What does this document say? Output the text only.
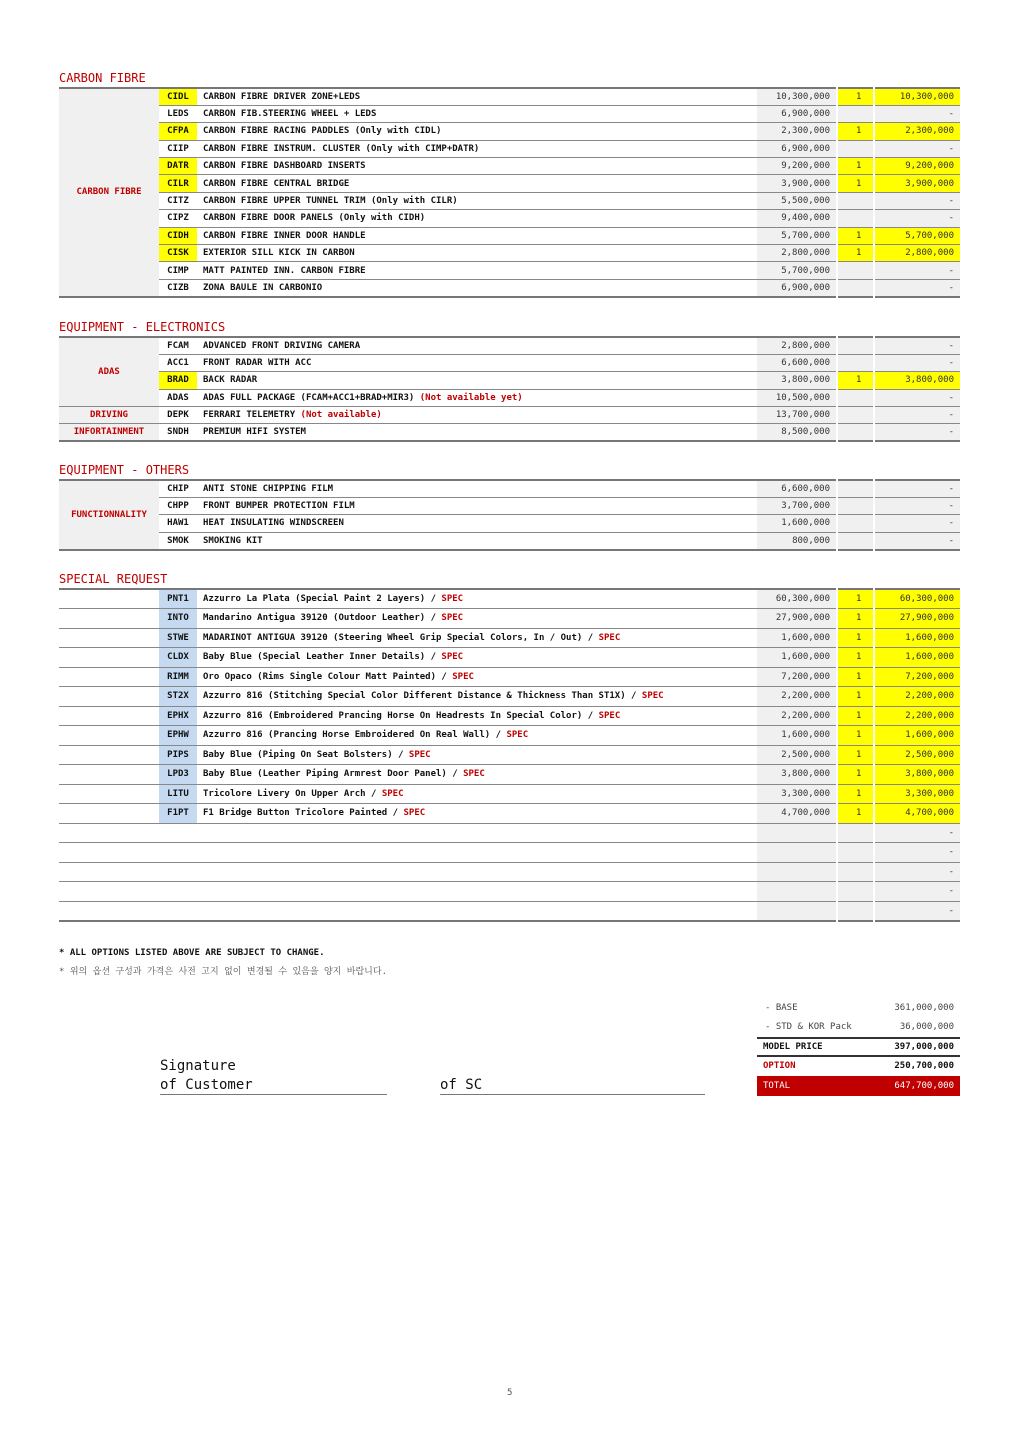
CARBON FIBRE
CARBON FIBRE	CIDL	CARBON FIBRE DRIVER ZONE+LEDS	10,300,000	1	10,300,000
	LEDS	CARBON FIB.STEERING WHEEL + LEDS	6,900,000		-
	CFPA	CARBON FIBRE RACING PADDLES (Only with CIDL)	2,300,000	1	2,300,000
	CIIP	CARBON FIBRE INSTRUM. CLUSTER (Only with CIMP+DATR)	6,900,000		-
	DATR	CARBON FIBRE DASHBOARD INSERTS	9,200,000	1	9,200,000
	CILR	CARBON FIBRE CENTRAL BRIDGE	3,900,000	1	3,900,000
	CITZ	CARBON FIBRE UPPER TUNNEL TRIM (Only with CILR)	5,500,000		-
	CIPZ	CARBON FIBRE DOOR PANELS (Only with CIDH)	9,400,000		-
	CIDH	CARBON FIBRE INNER DOOR HANDLE	5,700,000	1	5,700,000
	CISK	EXTERIOR SILL KICK IN CARBON	2,800,000	1	2,800,000
	CIMP	MATT PAINTED INN. CARBON FIBRE	5,700,000		-
	CIZB	ZONA BAULE IN CARBONIO	6,900,000		-
EQUIPMENT - ELECTRONICS
ADAS	FCAM	ADVANCED FRONT DRIVING CAMERA	2,800,000		-
	ACC1	FRONT RADAR WITH ACC	6,600,000		-
	BRAD	BACK RADAR	3,800,000	1	3,800,000
	ADAS	ADAS FULL PACKAGE (FCAM+ACC1+BRAD+MIR3) (Not available yet)	10,500,000		-
DRIVING	DEPK	FERRARI TELEMETRY (Not available)	13,700,000		-
INFORTAINMENT	SNDH	PREMIUM HIFI SYSTEM	8,500,000		-
EQUIPMENT - OTHERS
FUNCTIONNALITY	CHIP	ANTI STONE CHIPPING FILM	6,600,000		-
	CHPP	FRONT BUMPER PROTECTION FILM	3,700,000		-
	HAW1	HEAT INSULATING WINDSCREEN	1,600,000		-
	SMOK	SMOKING KIT	800,000		-
SPECIAL REQUEST
	PNT1	Azzurro La Plata (Special Paint 2 Layers) / SPEC	60,300,000	1	60,300,000
	INTO	Mandarino Antigua 39120 (Outdoor Leather) / SPEC	27,900,000	1	27,900,000
	STWE	MADARINOT ANTIGUA 39120 (Steering Wheel Grip Special Colors, In / Out) / SPEC	1,600,000	1	1,600,000
	CLDX	Baby Blue (Special Leather Inner Details) / SPEC	1,600,000	1	1,600,000
	RIMM	Oro Opaco (Rims Single Colour Matt Painted) / SPEC	7,200,000	1	7,200,000
	ST2X	Azzurro 816 (Stitching Special Color Different Distance & Thickness Than ST1X) / SPEC	2,200,000	1	2,200,000
	EPHX	Azzurro 816 (Embroidered Prancing Horse On Headrests In Special Color) / SPEC	2,200,000	1	2,200,000
	EPHW	Azzurro 816 (Prancing Horse Embroidered On Real Wall) / SPEC	1,600,000	1	1,600,000
	PIPS	Baby Blue (Piping On Seat Bolsters) / SPEC	2,500,000	1	2,500,000
	LPD3	Baby Blue (Leather Piping Armrest Door Panel) / SPEC	3,800,000	1	3,800,000
	LITU	Tricolore Livery On Upper Arch / SPEC	3,300,000	1	3,300,000
	F1PT	F1 Bridge Button Tricolore Painted / SPEC	4,700,000	1	4,700,000
					-
					-
					-
					-
					-
* ALL OPTIONS LISTED ABOVE ARE SUBJECT TO CHANGE.
* 위의 옵션 구성과 가격은 사전 고지 없이 변경될 수 있음을 양지 바랍니다.
- BASE	361,000,000
- STD & KOR Pack	36,000,000
MODEL PRICE	397,000,000
OPTION	250,700,000
TOTAL	647,700,000
Signature
of Customer	of SC
5
